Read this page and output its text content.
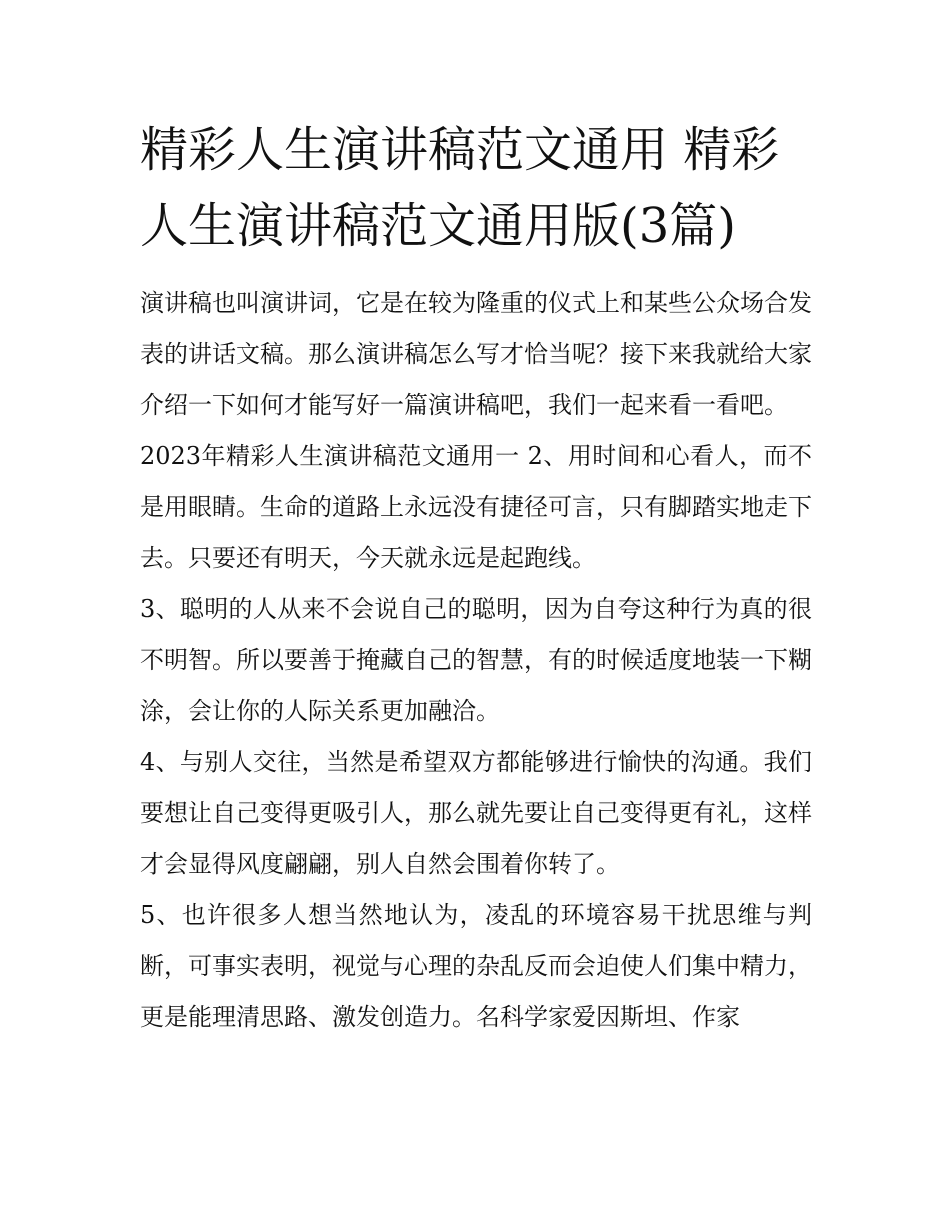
精彩人生演讲稿范文通用 精彩人生演讲稿范文通用版(3篇)

演讲稿也叫演讲词，它是在较为隆重的仪式上和某些公众场合发表的讲话文稿。那么演讲稿怎么写才恰当呢？接下来我就给大家介绍一下如何才能写好一篇演讲稿吧，我们一起来看一看吧。

2023年精彩人生演讲稿范文通用一 2、用时间和心看人，而不是用眼睛。生命的道路上永远没有捷径可言，只有脚踏实地走下去。只要还有明天，今天就永远是起跑线。

3、聪明的人从来不会说自己的聪明，因为自夸这种行为真的很不明智。所以要善于掩藏自己的智慧，有的时候适度地装一下糊涂，会让你的人际关系更加融洽。

4、与别人交往，当然是希望双方都能够进行愉快的沟通。我们要想让自己变得更吸引人，那么就先要让自己变得更有礼，这样才会显得风度翩翩，别人自然会围着你转了。

5、也许很多人想当然地认为，凌乱的环境容易干扰思维与判断，可事实表明，视觉与心理的杂乱反而会迫使人们集中精力，更是能理清思路、激发创造力。名科学家爱因斯坦、作家
